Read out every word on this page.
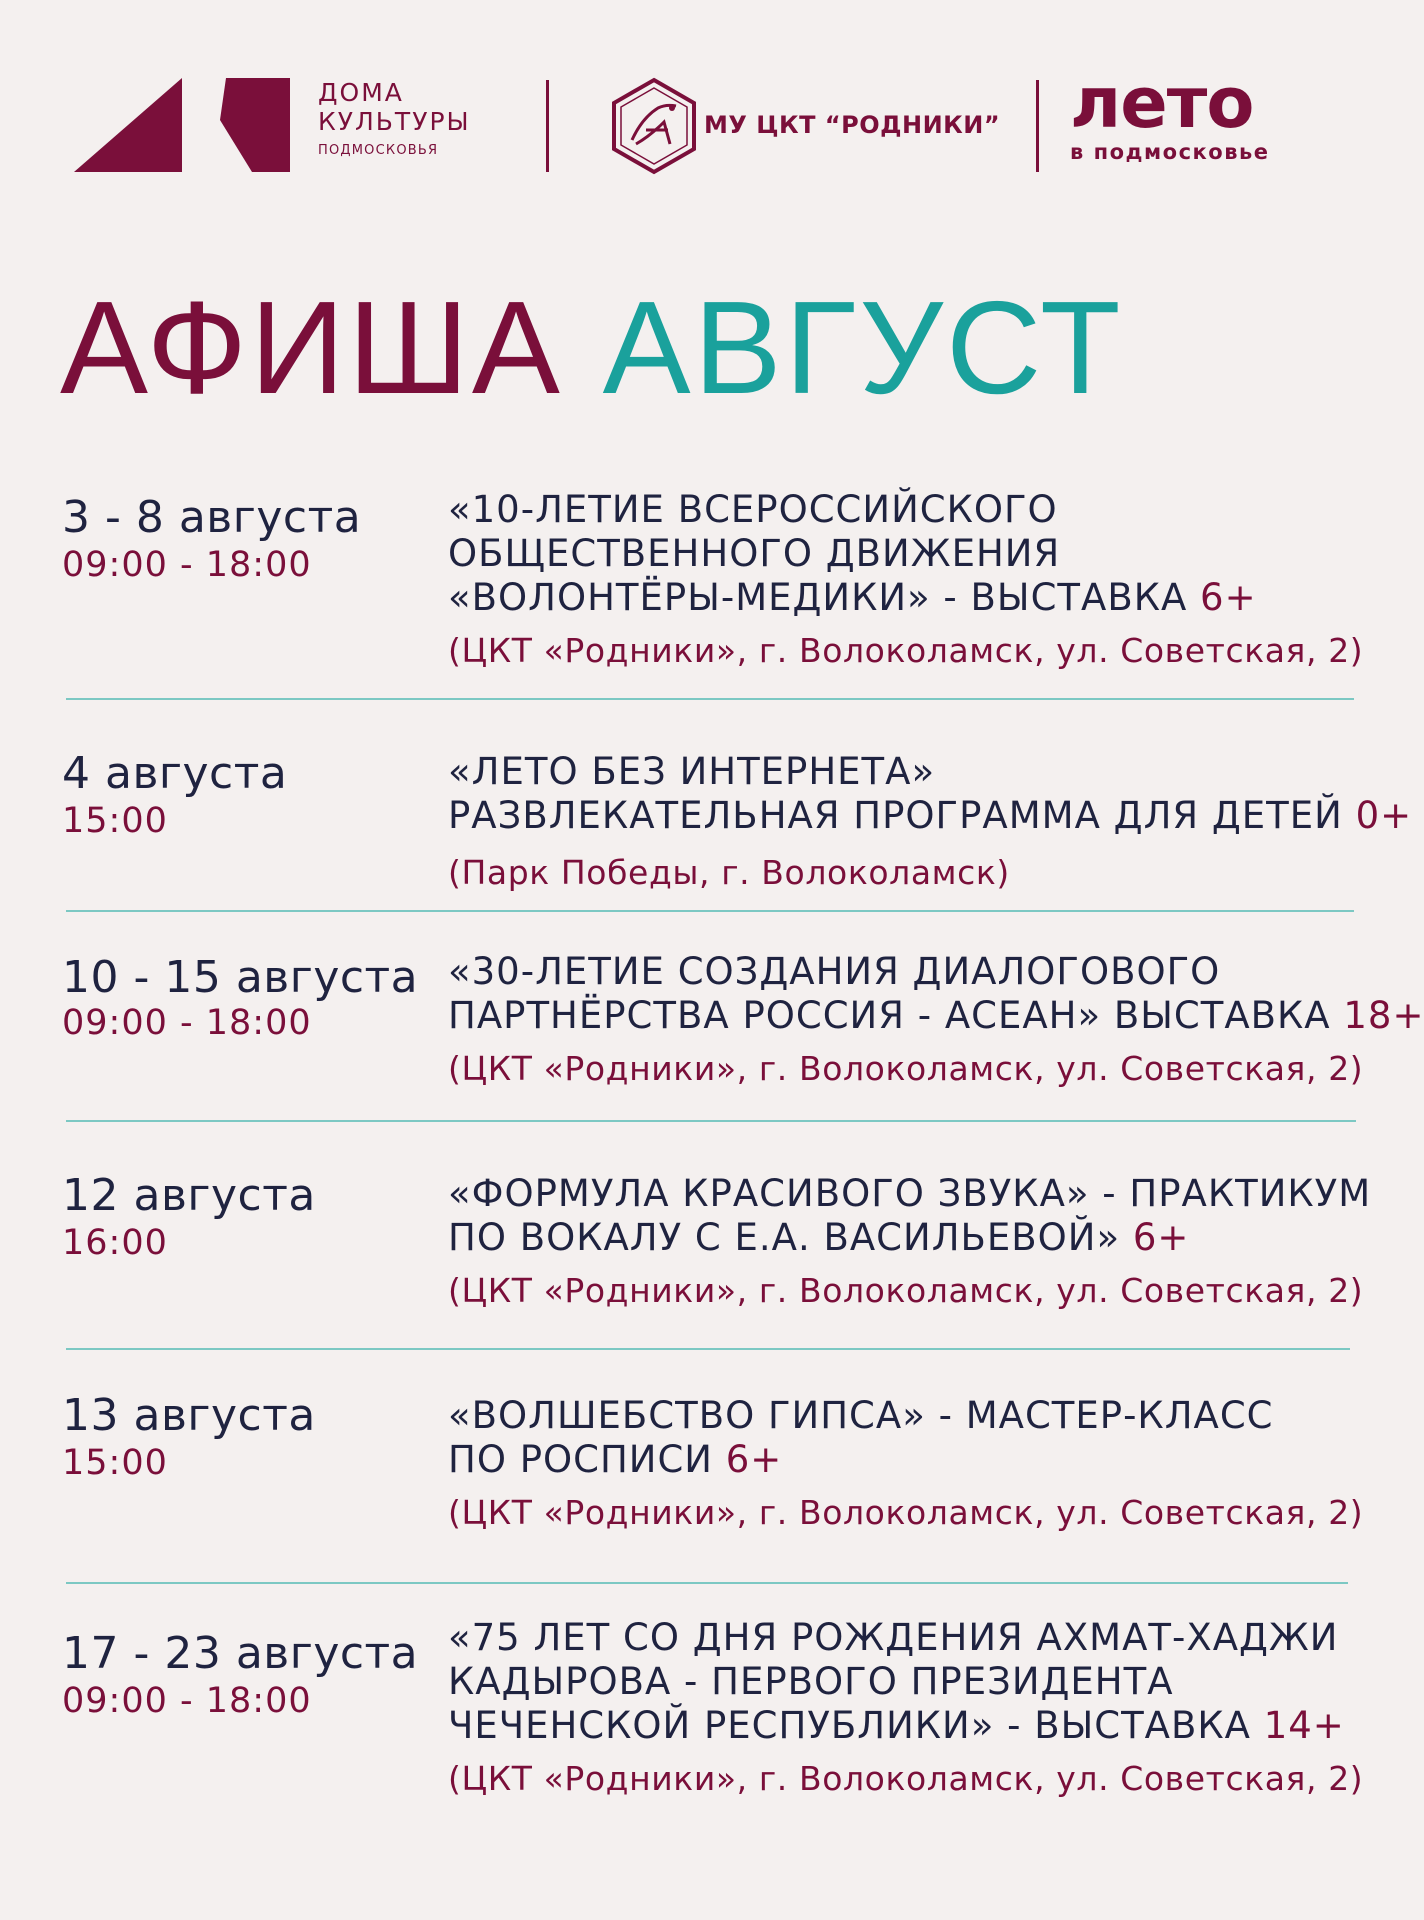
ДОМА
КУЛЬТУРЫ
ПОДМОСКОВЬЯ
МУ ЦКТ “РОДНИКИ” лето
в подмосковье
АФИША АВГУСТ
3 - 8 августа
09:00 - 18:00
«10-ЛЕТИЕ ВСЕРОССИЙСКОГО
ОБЩЕСТВЕННОГО ДВИЖЕНИЯ
«ВОЛОНТЁРЫ-МЕДИКИ» - ВЫСТАВКА 6+
(ЦКТ «Родники», г. Волоколамск, ул. Советская, 2)
4 августа
15:00
«ЛЕТО БЕЗ ИНТЕРНЕТА»
РАЗВЛЕКАТЕЛЬНАЯ ПРОГРАММА ДЛЯ ДЕТЕЙ 0+
(Парк Победы, г. Волоколамск)
10 - 15 августа
09:00 - 18:00
«30-ЛЕТИЕ СОЗДАНИЯ ДИАЛОГОВОГО
ПАРТНЁРСТВА РОССИЯ - АСЕАН» ВЫСТАВКА 18+
(ЦКТ «Родники», г. Волоколамск, ул. Советская, 2)
12 августа
16:00
«ФОРМУЛА КРАСИВОГО ЗВУКА» - ПРАКТИКУМ
ПО ВОКАЛУ С Е.А. ВАСИЛЬЕВОЙ» 6+
(ЦКТ «Родники», г. Волоколамск, ул. Советская, 2)
13 августа
15:00
«ВОЛШЕБСТВО ГИПСА» - МАСТЕР-КЛАСС
ПО РОСПИСИ 6+
(ЦКТ «Родники», г. Волоколамск, ул. Советская, 2)
17 - 23 августа
09:00 - 18:00
«75 ЛЕТ СО ДНЯ РОЖДЕНИЯ АХМАТ-ХАДЖИ
КАДЫРОВА - ПЕРВОГО ПРЕЗИДЕНТА
ЧЕЧЕНСКОЙ РЕСПУБЛИКИ» - ВЫСТАВКА 14+
(ЦКТ «Родники», г. Волоколамск, ул. Советская, 2)
